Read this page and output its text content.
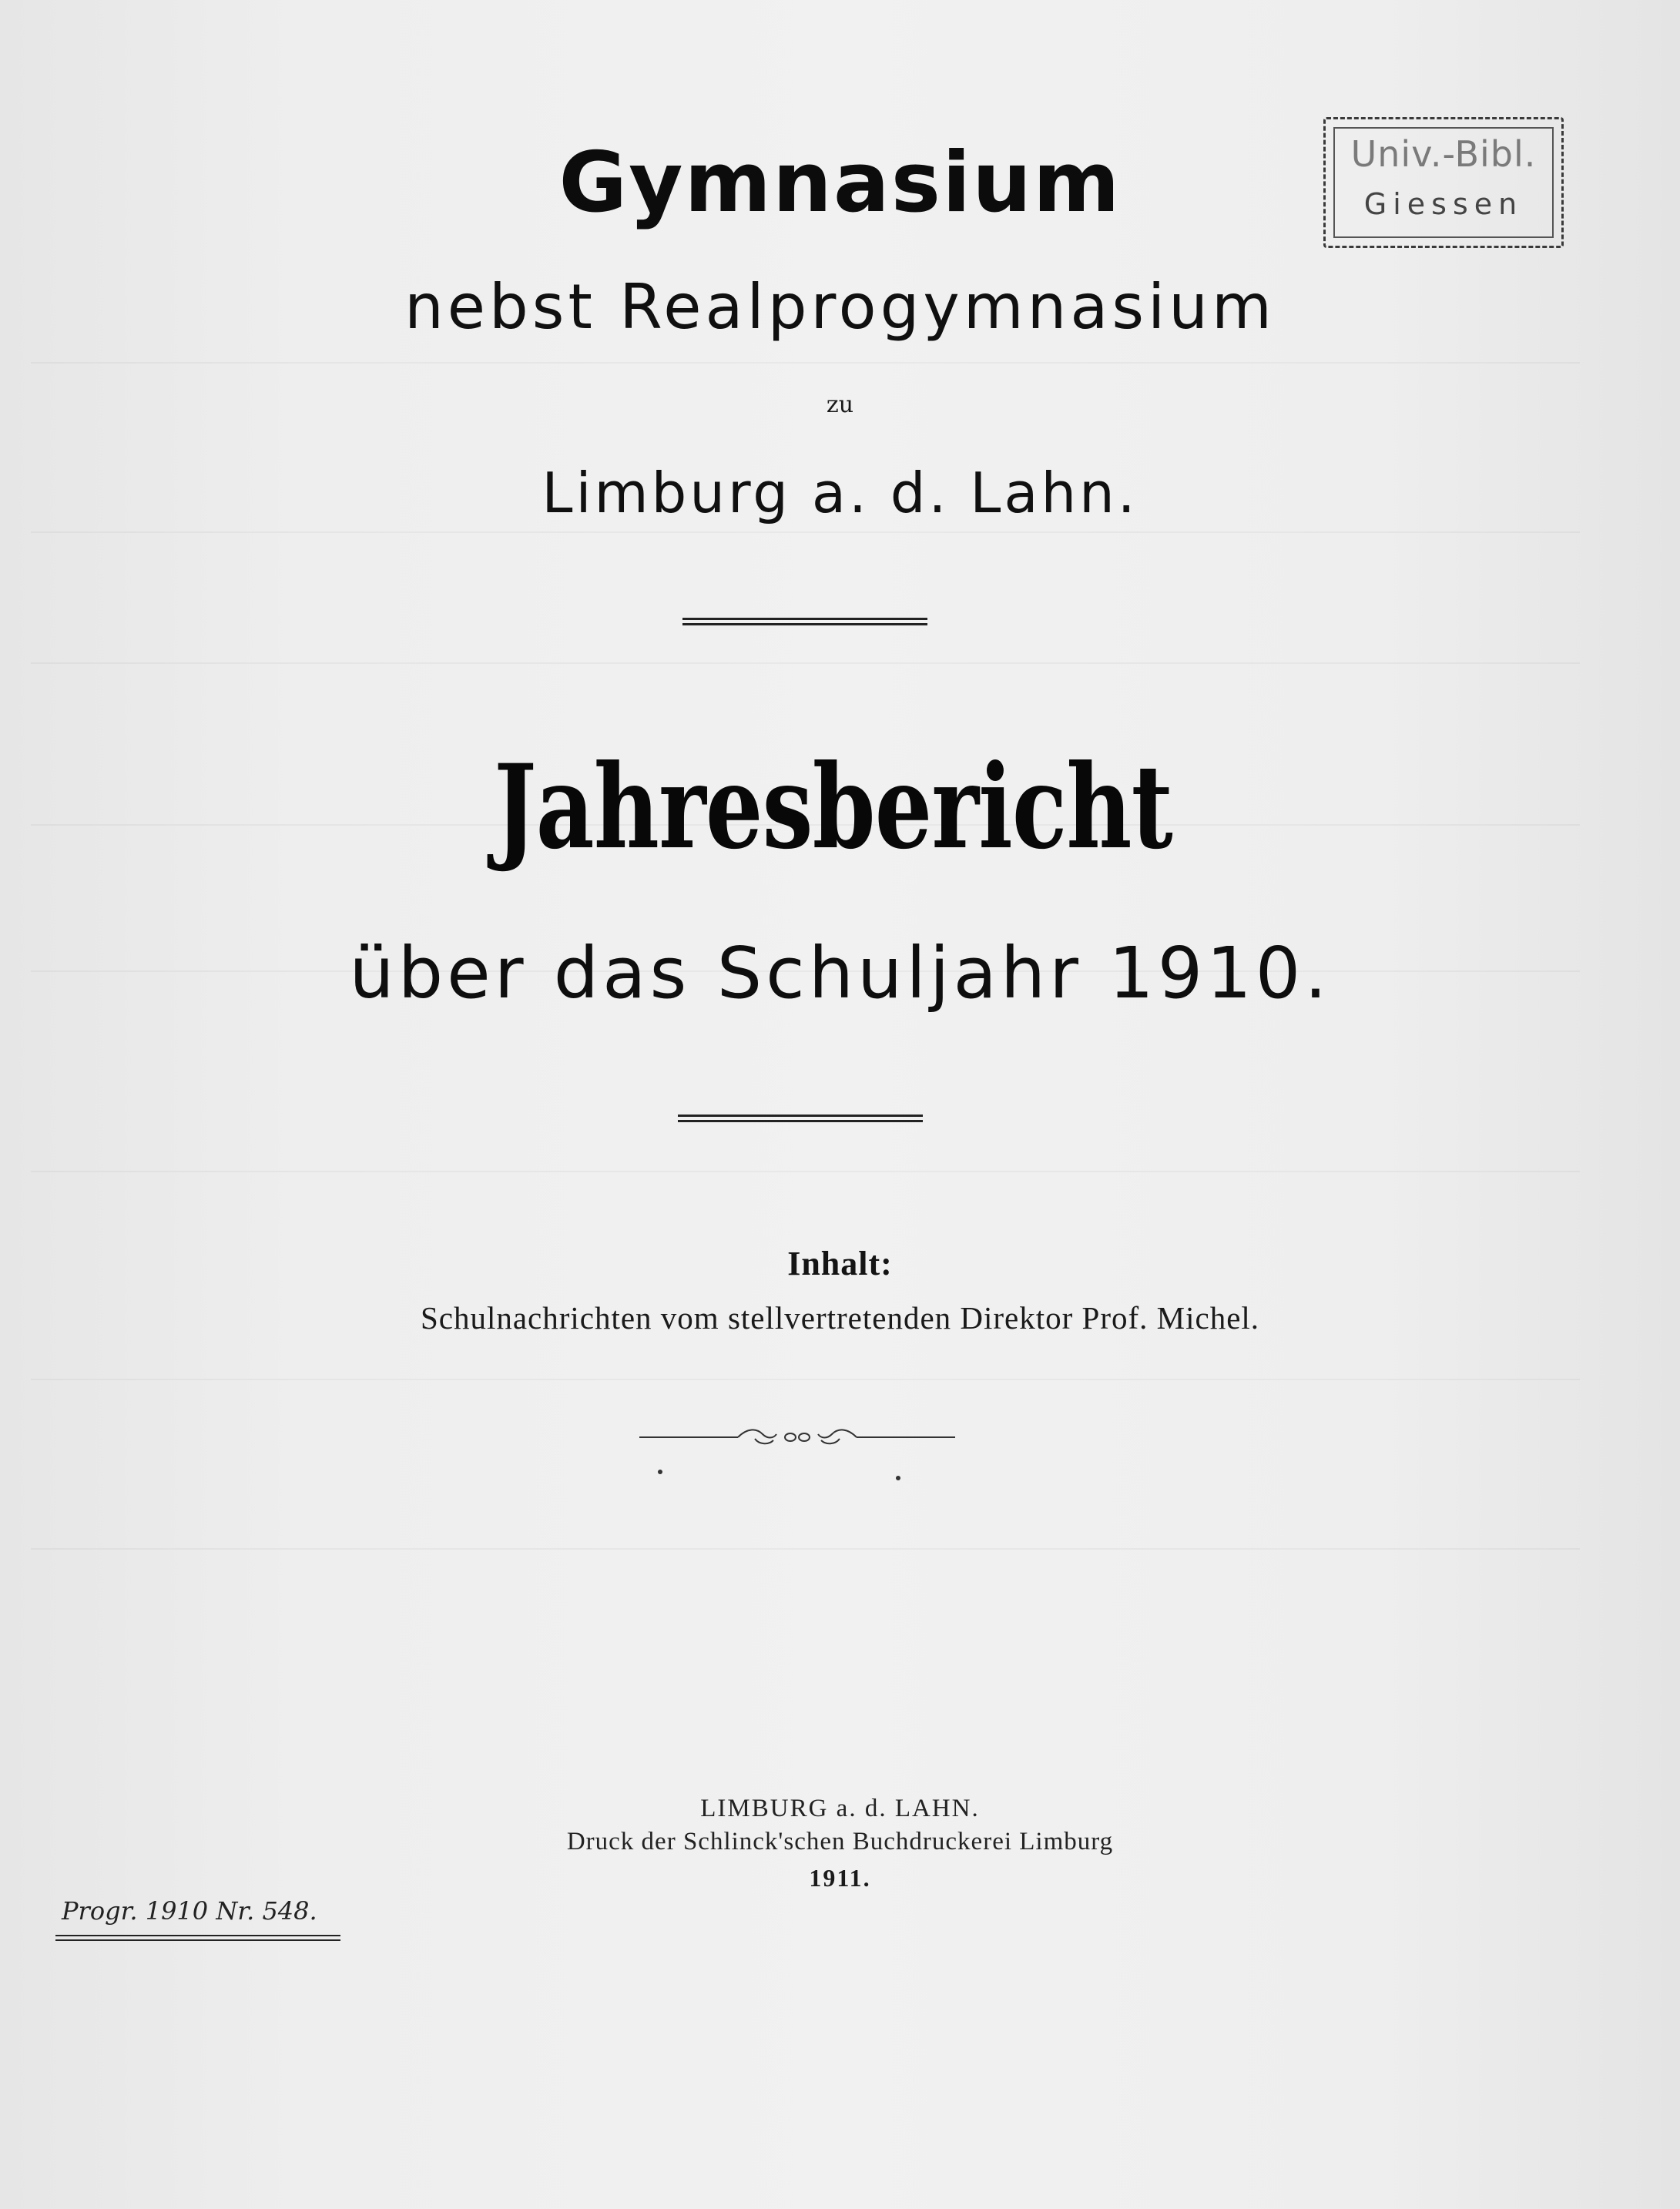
Gymnasium
nebst Realprogymnasium
zu
Limburg a. d. Lahn.
Jahresbericht
über das Schuljahr 1910.
Inhalt:
Schulnachrichten vom stellvertretenden Direktor Prof. Michel.
LIMBURG a. d. LAHN.
Druck der Schlinck'schen Buchdruckerei Limburg
1911.
Univ.-Bibl.
Giessen
Progr. 1910 Nr. 548.
